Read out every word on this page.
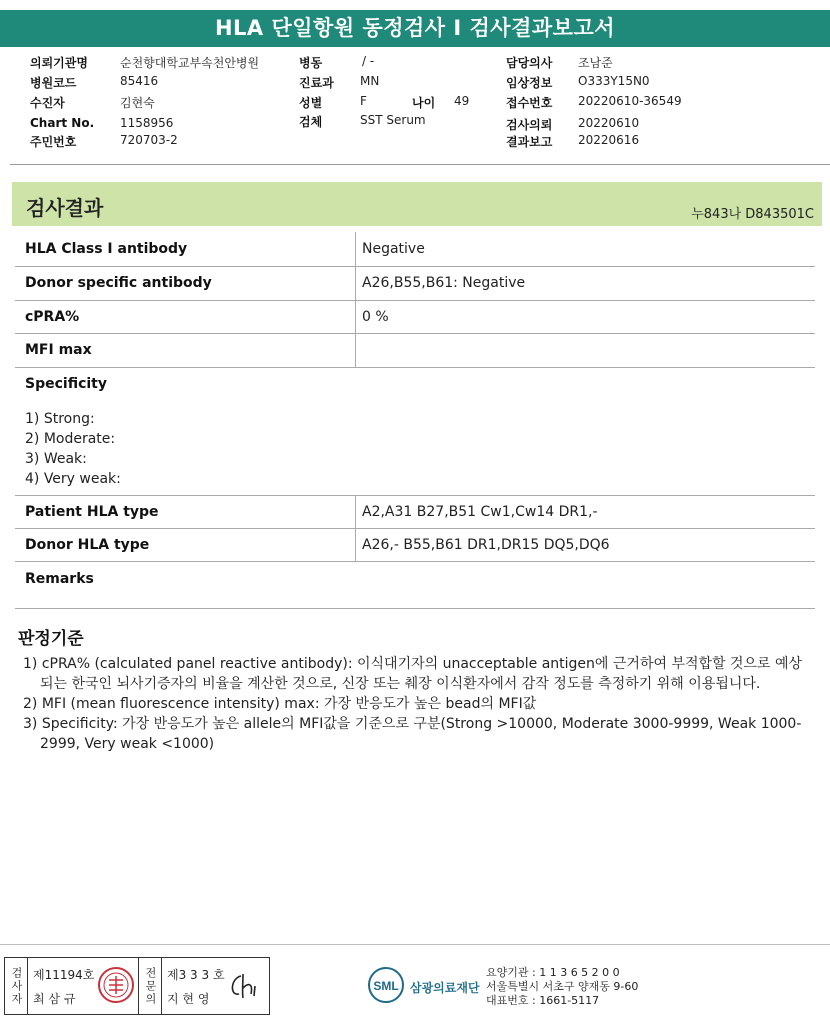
HLA 단일항원 동정검사 I 검사결과보고서
의뢰기관명	순천향대학교부속천안병원
병원코드	85416
수진자	김현숙
Chart No. 1158956
주민번호	720703-2
병동	/ -
진료과 MN
성별	F	나이 49
검체	SST Serum
담당의사 조남준
임상정보 O333Y15N0
접수번호 20220610-36549
검사의뢰 20220610
결과보고 20220616
검사결과	누843나 D843501C
HLA Class Ⅰ antibody	Negative
Donor specific antibody	A26,B55,B61: Negative
cPRA%	0 %
MFI max
Specificity
1) Strong:
2) Moderate:
3) Weak:
4) Very weak:
Patient HLA type	A2,A31 B27,B51 Cw1,Cw14 DR1,-
Donor HLA type	A26,- B55,B61 DR1,DR15 DQ5,DQ6
Remarks
판정기준
1) cPRA% (calculated panel reactive antibody): 이식대기자의 unacceptable antigen에 근거하여 부적합할 것으로 예상되는 한국인 뇌사기증자의 비율을 계산한 것으로, 신장 또는 췌장 이식환자에서 감작 정도를 측정하기 위해 이용됩니다.
2) MFI (mean fluorescence intensity) max: 가장 반응도가 높은 bead의 MFI값
3) Specificity: 가장 반응도가 높은 allele의 MFI값을 기준으로 구분(Strong >10000, Moderate 3000-9999, Weak 1000-2999, Very weak <1000)
검사자 제11194호
최 삼 규	전문의 제3 3 3 호
지 현 영
SML 삼광의료재단
요양기관 : 1 1 3 6 5 2 0 0
서울특별시 서초구 양재동 9-60
대표번호 : 1661-5117
